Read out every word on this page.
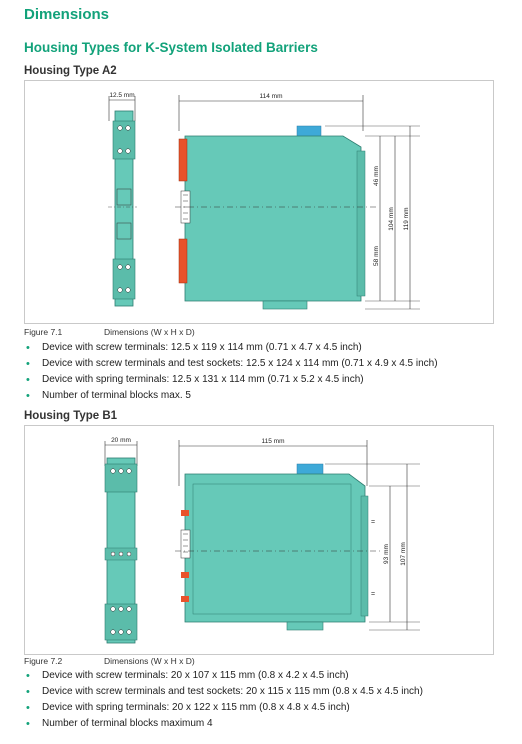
Dimensions
Housing Types for K-System Isolated Barriers
Housing Type A2
12.5 mm	114 mm
46 mm
58 mm
104 mm 119 mm
Figure 7.1	Dimensions (W x H x D)
• Device with screw terminals: 12.5 x 119 x 114 mm (0.71 x 4.7 x 4.5 inch)
• Device with screw terminals and test sockets: 12.5 x 124 x 114 mm (0.71 x 4.9 x 4.5 inch)
• Device with spring terminals: 12.5 x 131 x 114 mm (0.71 x 5.2 x 4.5 inch)
• Number of terminal blocks max. 5
Housing Type B1
20 mm	115 mm
=
=
93 mm 107 mm
Figure 7.2	Dimensions (W x H x D)
• Device with screw terminals: 20 x 107 x 115 mm (0.8 x 4.2 x 4.5 inch)
• Device with screw terminals and test sockets: 20 x 115 x 115 mm (0.8 x 4.5 x 4.5 inch)
• Device with spring terminals: 20 x 122 x 115 mm (0.8 x 4.8 x 4.5 inch)
• Number of terminal blocks maximum 4
